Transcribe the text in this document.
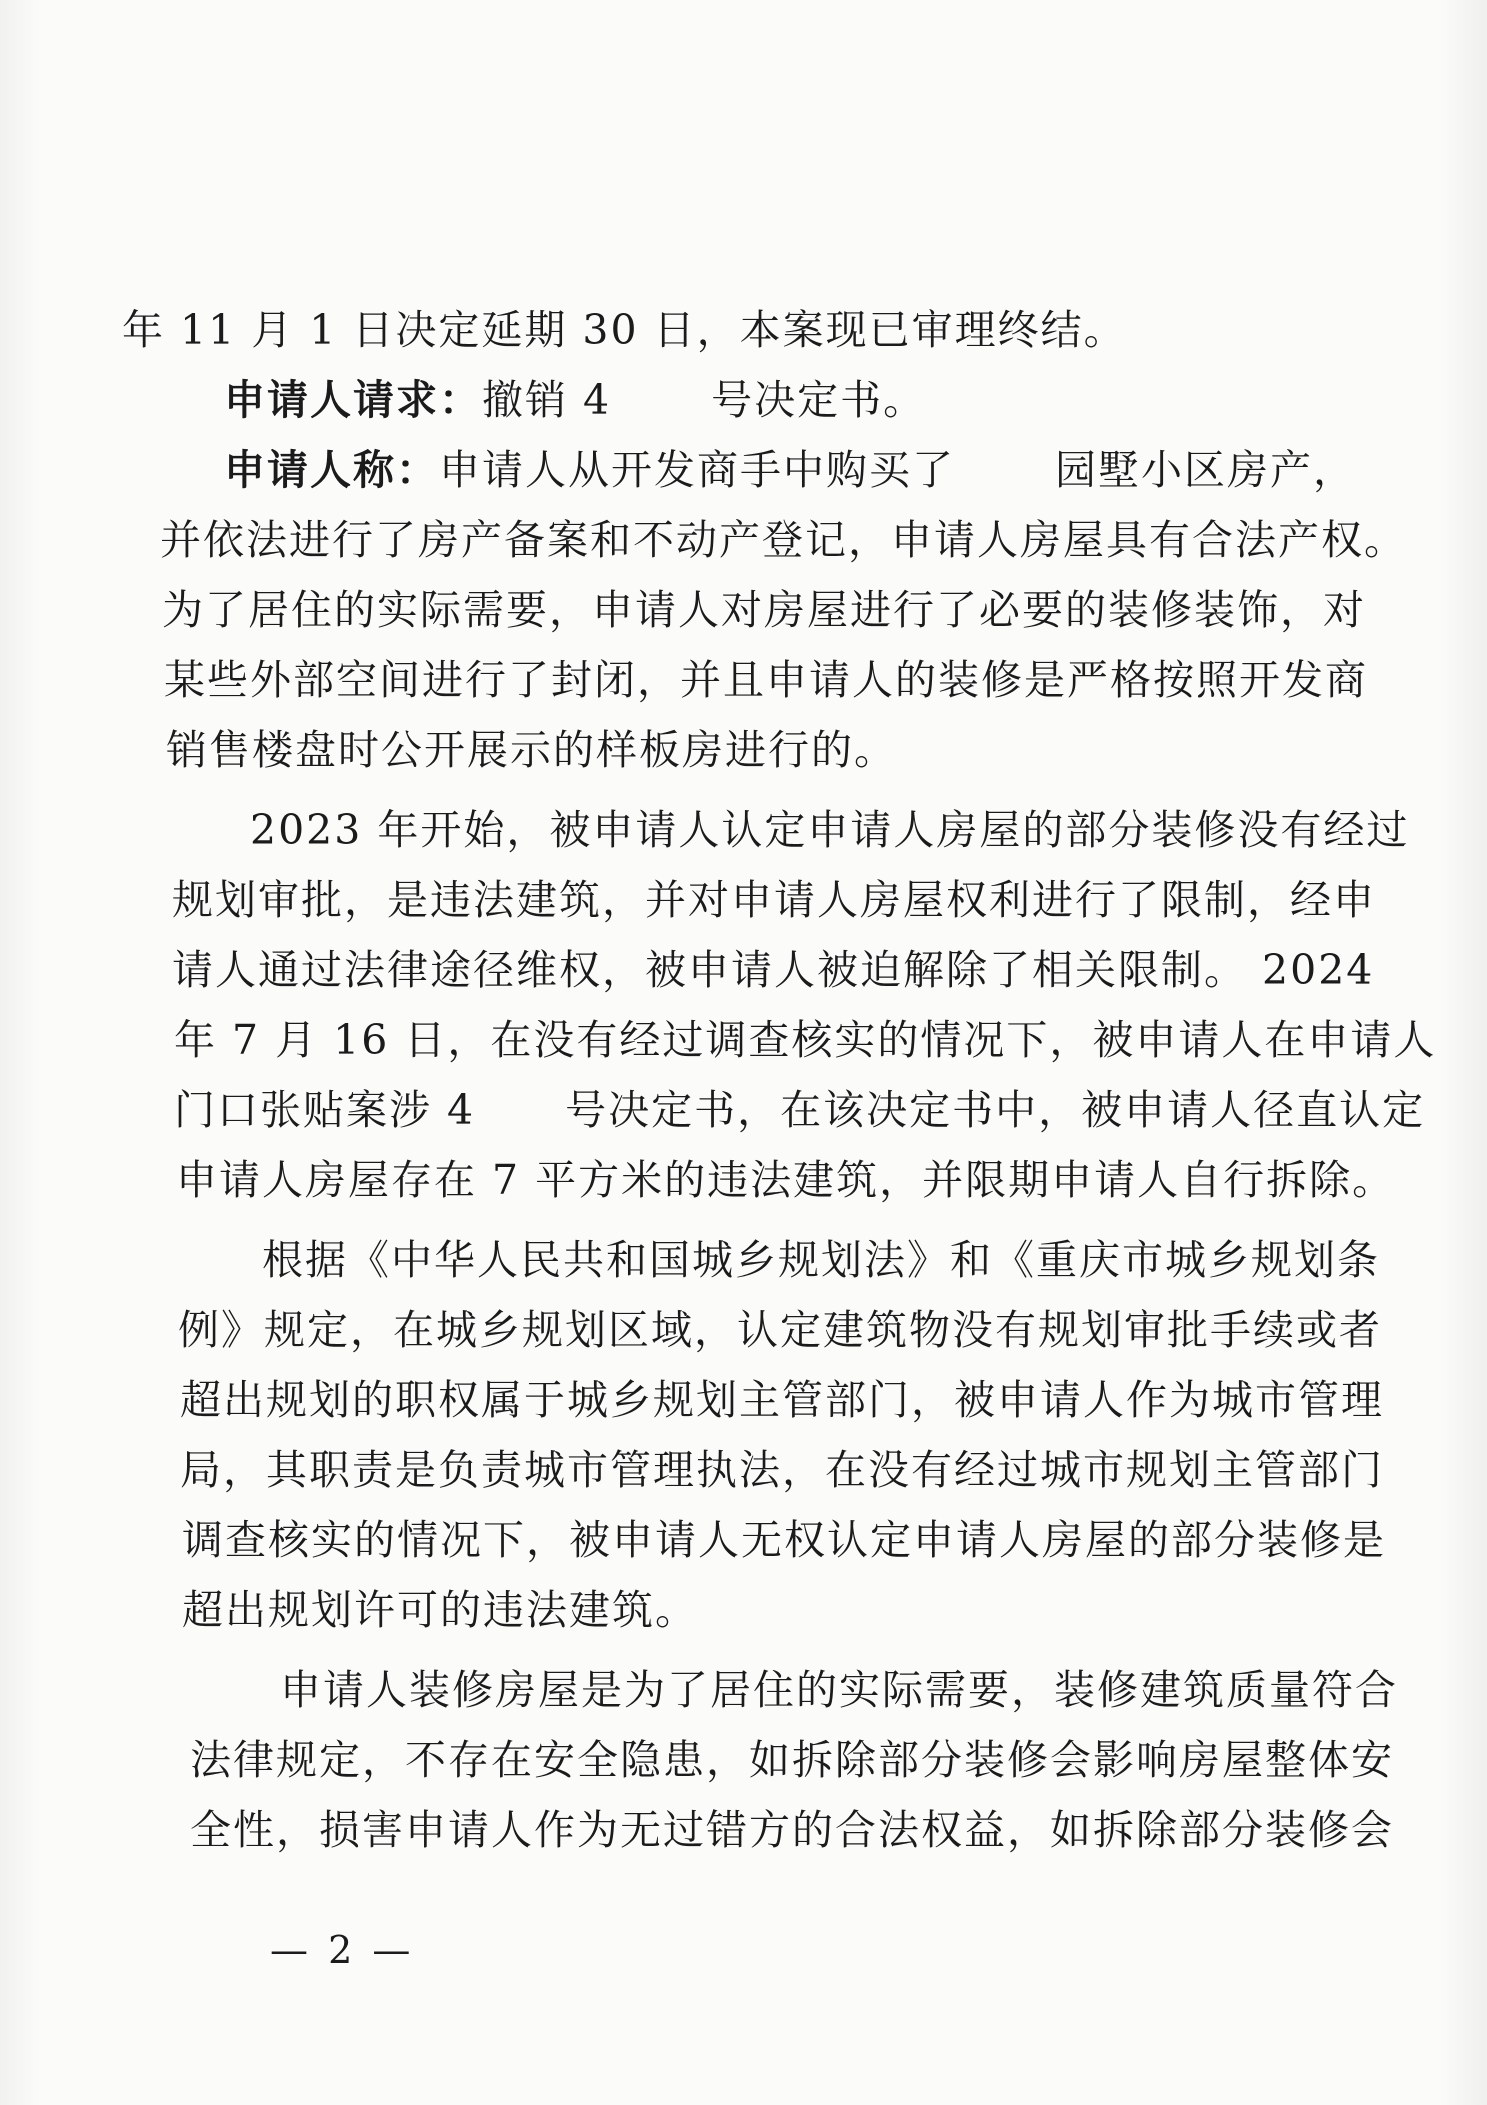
年 11 月 1 日决定延期 30 日，本案现已审理终结。
申请人请求：撤销 4 号决定书。
申请人称：申请人从开发商手中购买了 园墅小区房产，
并依法进行了房产备案和不动产登记，申请人房屋具有合法产权。
为了居住的实际需要，申请人对房屋进行了必要的装修装饰，对
某些外部空间进行了封闭，并且申请人的装修是严格按照开发商
销售楼盘时公开展示的样板房进行的。
2023 年开始，被申请人认定申请人房屋的部分装修没有经过
规划审批，是违法建筑，并对申请人房屋权利进行了限制，经申
请人通过法律途径维权，被申请人被迫解除了相关限制。 2024
年 7 月 16 日，在没有经过调查核实的情况下，被申请人在申请人
门口张贴案涉 4 号决定书，在该决定书中，被申请人径直认定
申请人房屋存在 7 平方米的违法建筑，并限期申请人自行拆除。
根据《中华人民共和国城乡规划法》和《重庆市城乡规划条
例》规定，在城乡规划区域，认定建筑物没有规划审批手续或者
超出规划的职权属于城乡规划主管部门，被申请人作为城市管理
局，其职责是负责城市管理执法，在没有经过城市规划主管部门
调查核实的情况下，被申请人无权认定申请人房屋的部分装修是
超出规划许可的违法建筑。
申请人装修房屋是为了居住的实际需要，装修建筑质量符合
法律规定，不存在安全隐患，如拆除部分装修会影响房屋整体安
全性，损害申请人作为无过错方的合法权益，如拆除部分装修会
— 2 —
